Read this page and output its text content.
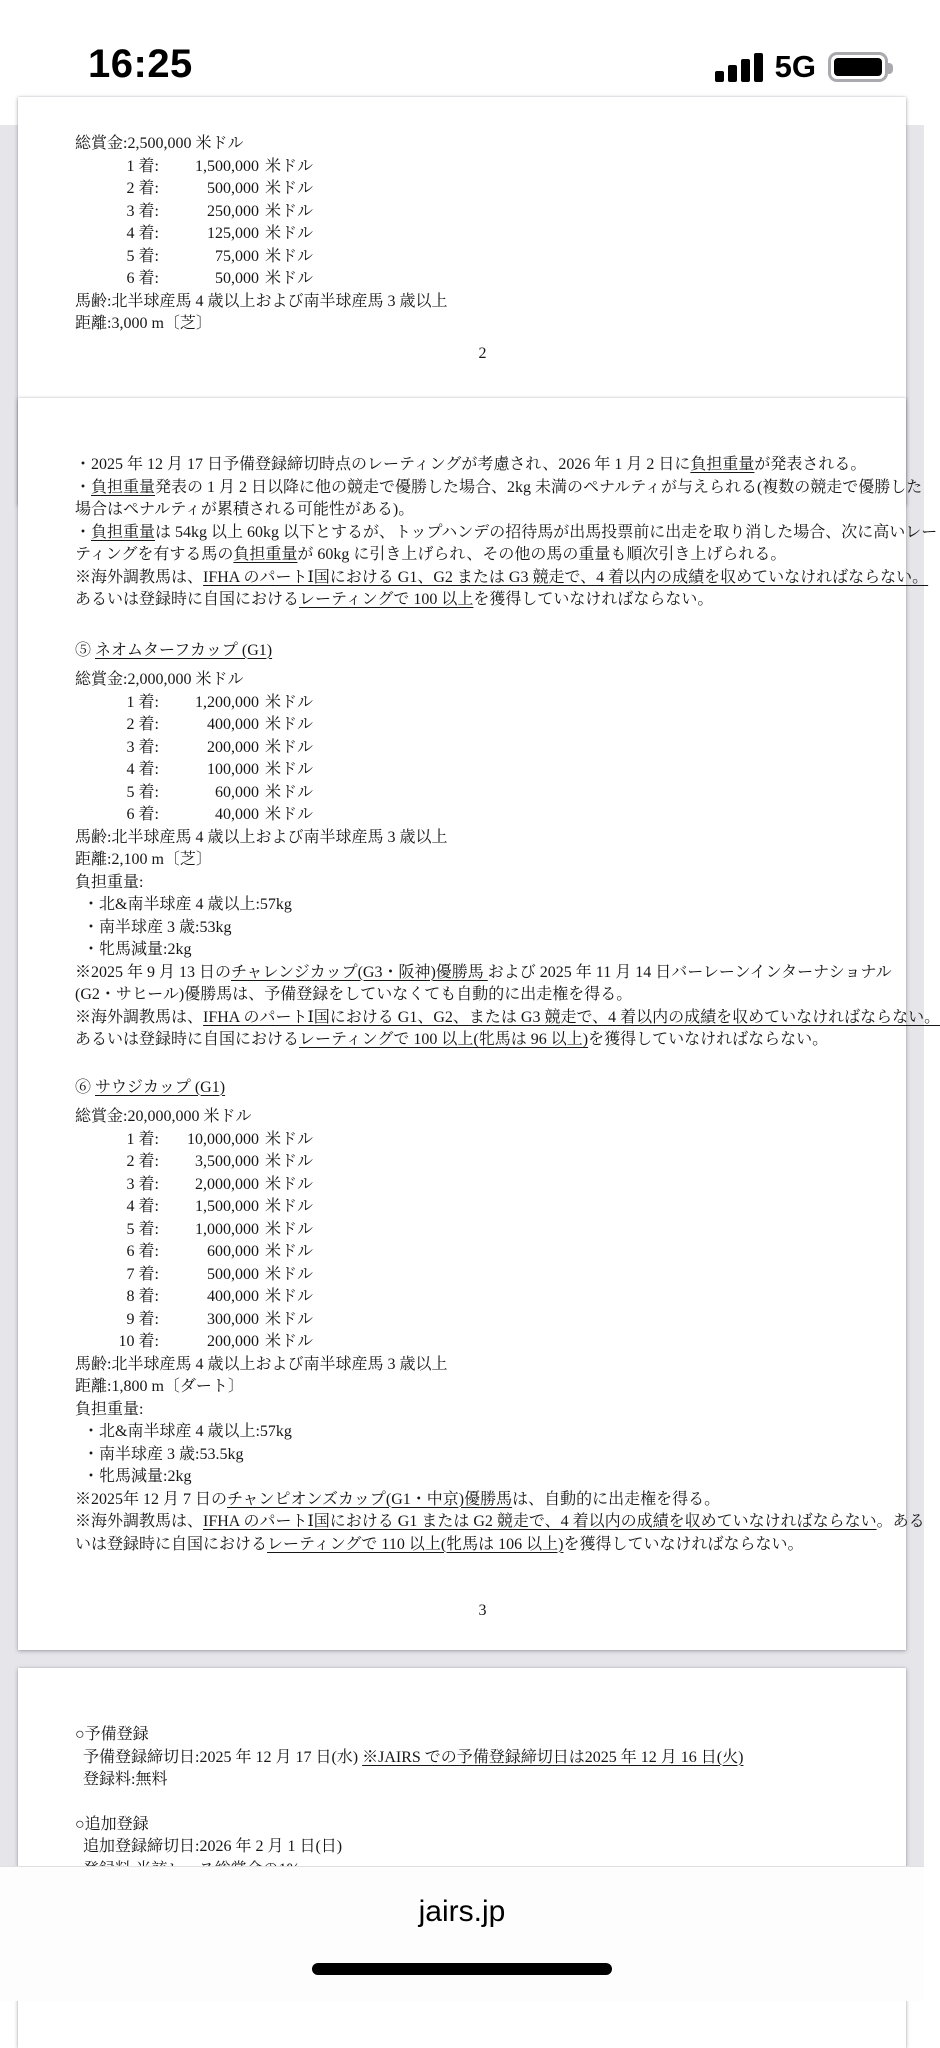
16:25	5G
総賞金:2,500,000 米ドル
1 着:	1,500,000 米ドル
2 着:	500,000 米ドル
3 着:	250,000 米ドル
4 着:	125,000 米ドル
5 着:	75,000 米ドル
6 着:	50,000 米ドル
馬齢:北半球産馬 4 歳以上および南半球産馬 3 歳以上
距離:3,000 m〔芝〕
2
・2025 年 12 月 17 日予備登録締切時点のレーティングが考慮され、2026 年 1 月 2 日に負担重量が発表される。
・負担重量発表の 1 月 2 日以降に他の競走で優勝した場合、2kg 未満のペナルティが与えられる(複数の競走で優勝した
場合はペナルティが累積される可能性がある)。
・負担重量は 54kg 以上 60kg 以下とするが、トップハンデの招待馬が出馬投票前に出走を取り消した場合、次に高いレー
ティングを有する馬の負担重量が 60kg に引き上げられ、その他の馬の重量も順次引き上げられる。
※海外調教馬は、IFHA のパートⅠ国における G1、G2 または G3 競走で、4 着以内の成績を収めていなければならない。
あるいは登録時に自国におけるレーティングで 100 以上を獲得していなければならない。
⑤ ネオムターフカップ (G1)
総賞金:2,000,000 米ドル
1 着:	1,200,000 米ドル
2 着:	400,000 米ドル
3 着:	200,000 米ドル
4 着:	100,000 米ドル
5 着:	60,000 米ドル
6 着:	40,000 米ドル
馬齢:北半球産馬 4 歳以上および南半球産馬 3 歳以上
距離:2,100 m〔芝〕
負担重量:
・北&南半球産 4 歳以上:57kg
・南半球産 3 歳:53kg
・牝馬減量:2kg
※2025 年 9 月 13 日のチャレンジカップ(G3・阪神)優勝馬 および 2025 年 11 月 14 日バーレーンインターナショナル
(G2・サヒール)優勝馬は、予備登録をしていなくても自動的に出走権を得る。
※海外調教馬は、IFHA のパートⅠ国における G1、G2、または G3 競走で、4 着以内の成績を収めていなければならない。
あるいは登録時に自国におけるレーティングで 100 以上(牝馬は 96 以上)を獲得していなければならない。
⑥ サウジカップ (G1)
総賞金:20,000,000 米ドル
1 着:	10,000,000 米ドル
2 着:	3,500,000 米ドル
3 着:	2,000,000 米ドル
4 着:	1,500,000 米ドル
5 着:	1,000,000 米ドル
6 着:	600,000 米ドル
7 着:	500,000 米ドル
8 着:	400,000 米ドル
9 着:	300,000 米ドル
10 着:	200,000 米ドル
馬齢:北半球産馬 4 歳以上および南半球産馬 3 歳以上
距離:1,800 m〔ダート〕
負担重量:
・北&南半球産 4 歳以上:57kg
・南半球産 3 歳:53.5kg
・牝馬減量:2kg
※2025年 12 月 7 日のチャンピオンズカップ(G1・中京)優勝馬は、自動的に出走権を得る。
※海外調教馬は、IFHA のパートⅠ国における G1 または G2 競走で、4 着以内の成績を収めていなければならない。ある
いは登録時に自国におけるレーティングで 110 以上(牝馬は 106 以上)を獲得していなければならない。
3
○予備登録
予備登録締切日:2025 年 12 月 17 日(水) ※JAIRS での予備登録締切日は2025 年 12 月 16 日(火)
登録料:無料
○追加登録
追加登録締切日:2026 年 2 月 1 日(日)
jairs.jp
